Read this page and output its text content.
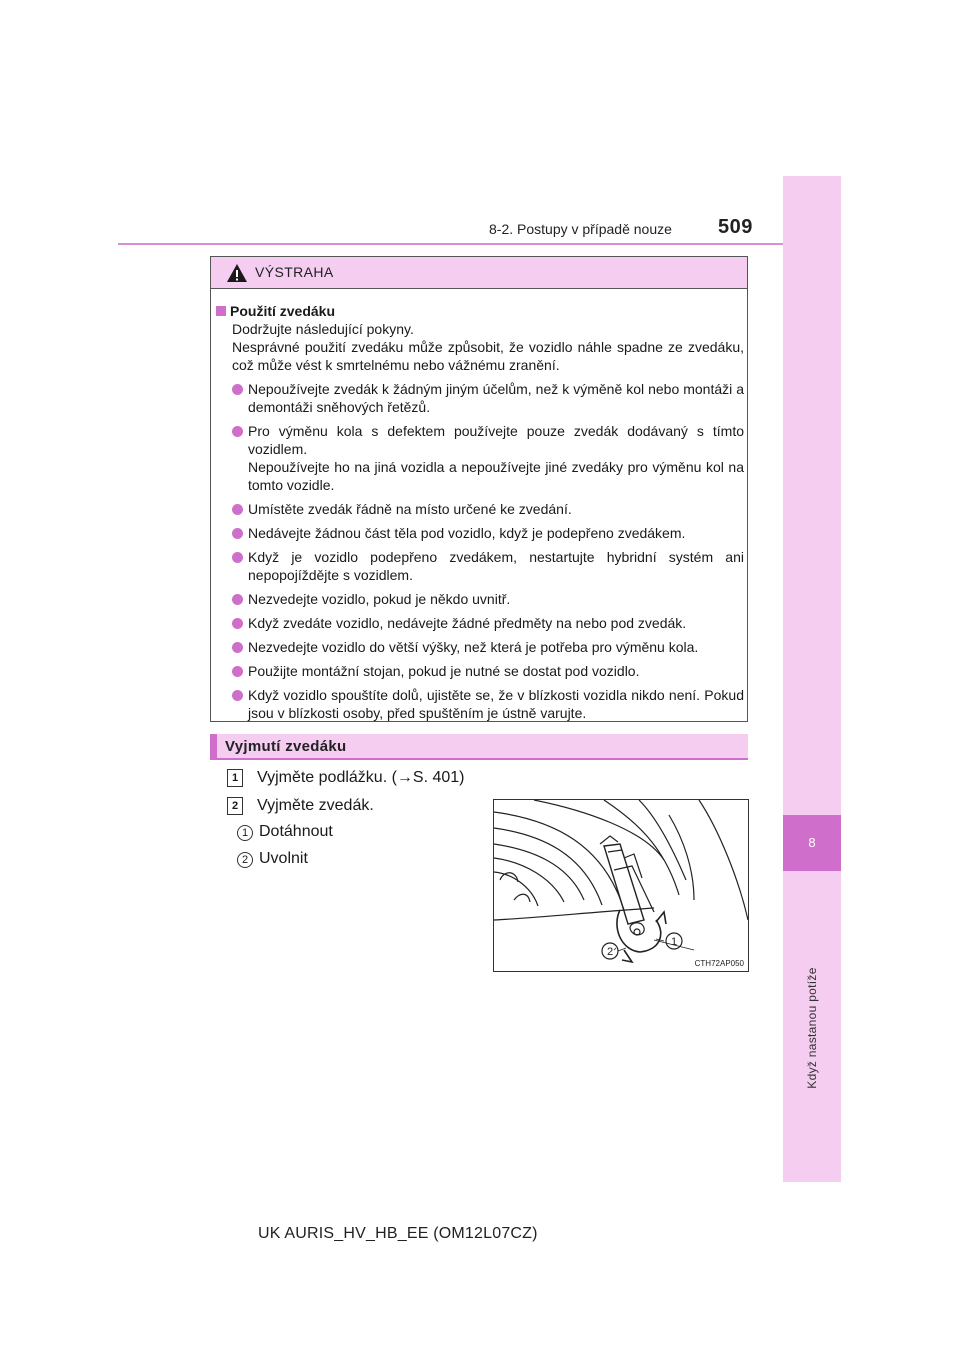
8
Když nastanou potíže
8-2. Postupy v případě nouze 509
VÝSTRAHA
Použití zvedáku
Dodržujte následující pokyny.
Nesprávné použití zvedáku může způsobit, že vozidlo náhle spadne ze zvedáku, což může vést k smrtelnému nebo vážnému zranění.
Nepoužívejte zvedák k žádným jiným účelům, než k výměně kol nebo montáži a demontáži sněhových řetězů.
Pro výměnu kola s defektem používejte pouze zvedák dodávaný s tímto vozidlem.
Nepoužívejte ho na jiná vozidla a nepoužívejte jiné zvedáky pro výměnu kol na tomto vozidle.
Umístěte zvedák řádně na místo určené ke zvedání.
Nedávejte žádnou část těla pod vozidlo, když je podepřeno zvedákem.
Když je vozidlo podepřeno zvedákem, nestartujte hybridní systém ani nepopojíždějte s vozidlem.
Nezvedejte vozidlo, pokud je někdo uvnitř.
Když zvedáte vozidlo, nedávejte žádné předměty na nebo pod zvedák.
Nezvedejte vozidlo do větší výšky, než která je potřeba pro výměnu kola.
Použijte montážní stojan, pokud je nutné se dostat pod vozidlo.
Když vozidlo spouštíte dolů, ujistěte se, že v blízkosti vozidla nikdo není. Pokud jsou v blízkosti osoby, před spuštěním je ústně varujte.
Vyjmutí zvedáku
1	Vyjměte podlážku. (→S. 401)
2	Vyjměte zvedák.
1 Dotáhnout
2 Uvolnit
1
2
CTH72AP050
UK AURIS_HV_HB_EE (OM12L07CZ)
